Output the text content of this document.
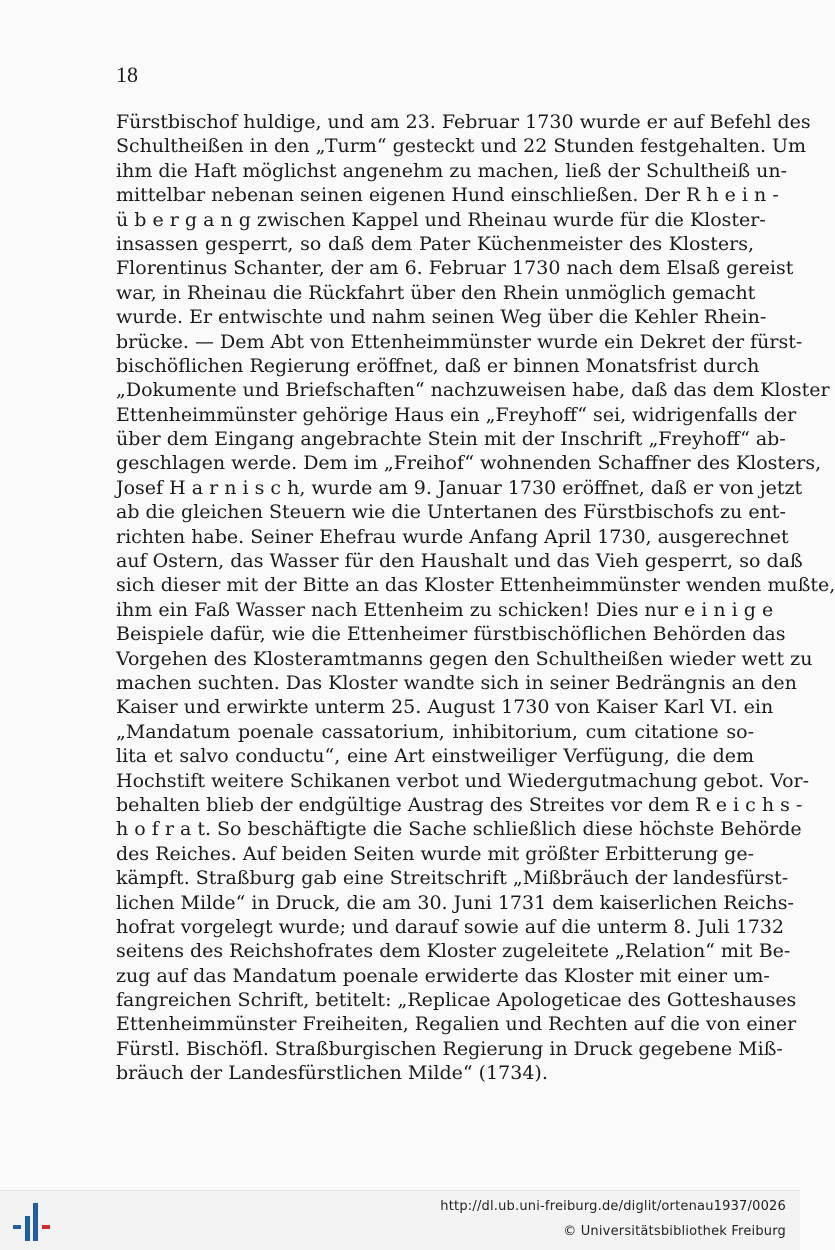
18
Fürstbischof huldige, und am 23. Februar 1730 wurde er auf Befehl des
Schultheißen in den „Turm“ gesteckt und 22 Stunden festgehalten. Um
ihm die Haft möglichst angenehm zu machen, ließ der Schultheiß un-
mittelbar nebenan seinen eigenen Hund einschließen. Der R h e i n -
ü b e r g a n g zwischen Kappel und Rheinau wurde für die Kloster-
insassen gesperrt, so daß dem Pater Küchenmeister des Klosters,
Florentinus Schanter, der am 6. Februar 1730 nach dem Elsaß gereist
war, in Rheinau die Rückfahrt über den Rhein unmöglich gemacht
wurde. Er entwischte und nahm seinen Weg über die Kehler Rhein-
brücke. — Dem Abt von Ettenheimmünster wurde ein Dekret der fürst-
bischöflichen Regierung eröffnet, daß er binnen Monatsfrist durch
„Dokumente und Briefschaften“ nachzuweisen habe, daß das dem Kloster
Ettenheimmünster gehörige Haus ein „Freyhoff“ sei, widrigenfalls der
über dem Eingang angebrachte Stein mit der Inschrift „Freyhoff“ ab-
geschlagen werde. Dem im „Freihof“ wohnenden Schaffner des Klosters,
Josef H a r n i s c h, wurde am 9. Januar 1730 eröffnet, daß er von jetzt
ab die gleichen Steuern wie die Untertanen des Fürstbischofs zu ent-
richten habe. Seiner Ehefrau wurde Anfang April 1730, ausgerechnet
auf Ostern, das Wasser für den Haushalt und das Vieh gesperrt, so daß
sich dieser mit der Bitte an das Kloster Ettenheimmünster wenden mußte,
ihm ein Faß Wasser nach Ettenheim zu schicken! Dies nur e i n i g e
Beispiele dafür, wie die Ettenheimer fürstbischöflichen Behörden das
Vorgehen des Klosteramtmanns gegen den Schultheißen wieder wett zu
machen suchten. Das Kloster wandte sich in seiner Bedrängnis an den
Kaiser und erwirkte unterm 25. August 1730 von Kaiser Karl VI. ein
„Mandatum poenale cassatorium, inhibitorium, cum citatione so-
lita et salvo conductu“, eine Art einstweiliger Verfügung, die dem
Hochstift weitere Schikanen verbot und Wiedergutmachung gebot. Vor-
behalten blieb der endgültige Austrag des Streites vor dem R e i c h s -
h o f r a t. So beschäftigte die Sache schließlich diese höchste Behörde
des Reiches. Auf beiden Seiten wurde mit größter Erbitterung ge-
kämpft. Straßburg gab eine Streitschrift „Mißbräuch der landesfürst-
lichen Milde“ in Druck, die am 30. Juni 1731 dem kaiserlichen Reichs-
hofrat vorgelegt wurde; und darauf sowie auf die unterm 8. Juli 1732
seitens des Reichshofrates dem Kloster zugeleitete „Relation“ mit Be-
zug auf das Mandatum poenale erwiderte das Kloster mit einer um-
fangreichen Schrift, betitelt: „Replicae Apologeticae des Gotteshauses
Ettenheimmünster Freiheiten, Regalien und Rechten auf die von einer
Fürstl. Bischöfl. Straßburgischen Regierung in Druck gegebene Miß-
bräuch der Landesfürstlichen Milde“ (1734).
http://dl.ub.uni-freiburg.de/diglit/ortenau1937/0026
© Universitätsbibliothek Freiburg
